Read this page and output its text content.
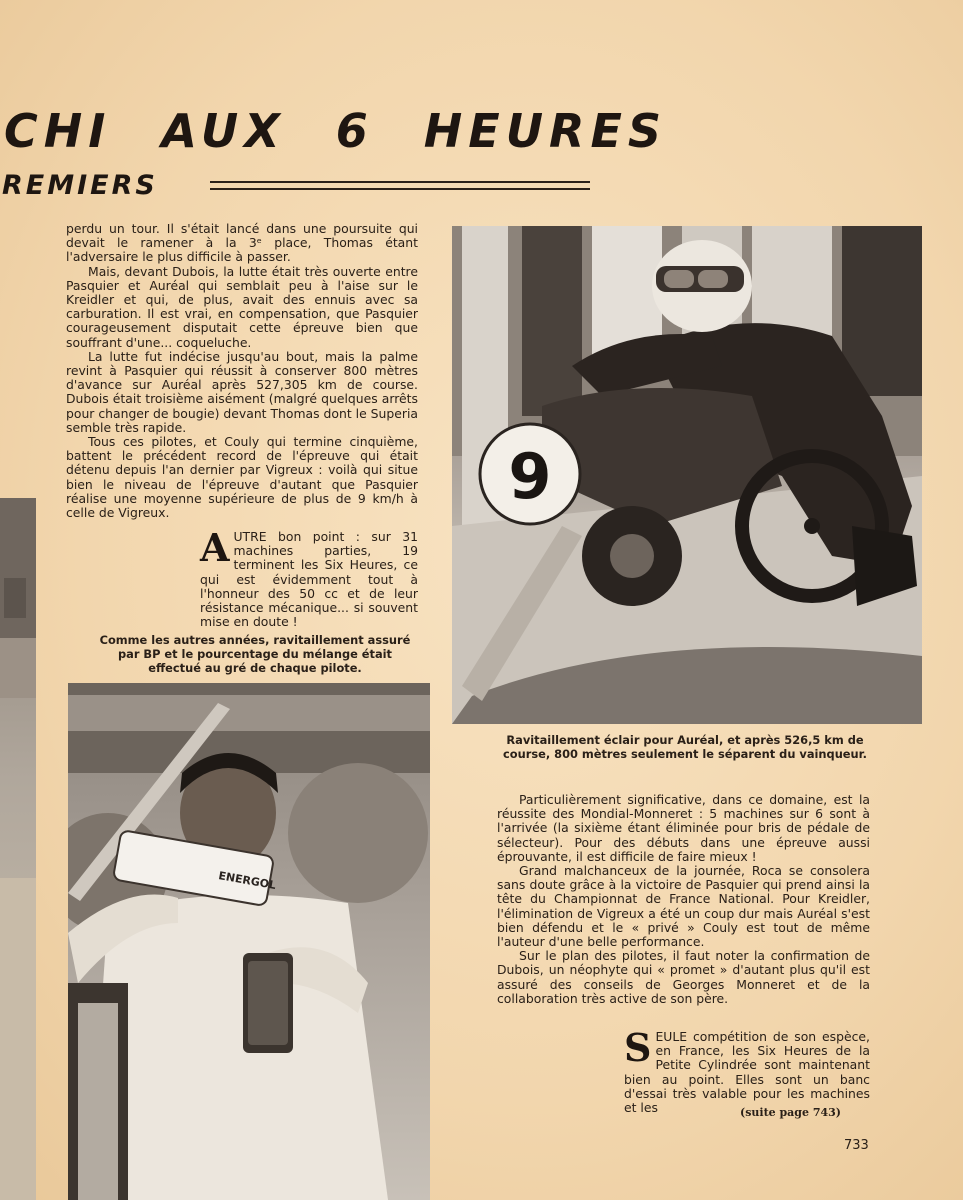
CHI AUX 6 HEURES
REMIERS

perdu un tour. Il s'était lancé dans une poursuite qui devait le ramener à la 3ᵉ place, Thomas étant l'adversaire le plus difficile à passer.

Mais, devant Dubois, la lutte était très ouverte entre Pasquier et Auréal qui semblait peu à l'aise sur le Kreidler et qui, de plus, avait des ennuis avec sa carburation. Il est vrai, en compensation, que Pasquier courageusement disputait cette épreuve bien que souffrant d'une... coqueluche.

La lutte fut indécise jusqu'au bout, mais la palme revint à Pasquier qui réussit à conserver 800 mètres d'avance sur Auréal après 527,305 km de course. Dubois était troisième aisément (malgré quelques arrêts pour changer de bougie) devant Thomas dont le Superia semble très rapide.

Tous ces pilotes, et Couly qui termine cinquième, battent le précédent record de l'épreuve qui était détenu depuis l'an dernier par Vigreux : voilà qui situe bien le niveau de l'épreuve d'autant que Pasquier réalise une moyenne supérieure de plus de 9 km/h à celle de Vigreux.

A UTRE bon point : sur 31 machines parties, 19 terminent les Six Heures, ce qui est évidemment tout à l'honneur des 50 cc et de leur résistance mécanique... si souvent mise en doute !
Comme les autres années, ravitaillement assuré par BP et le pourcentage du mélange était effectué au gré de chaque pilote.
9
Ravitaillement éclair pour Auréal, et après 526,5 km de course, 800 mètres seulement le séparent du vainqueur.
ENERGOL

Particulièrement significative, dans ce domaine, est la réussite des Mondial-Monneret : 5 machines sur 6 sont à l'arrivée (la sixième étant éliminée pour bris de pédale de sélecteur). Pour des débuts dans une épreuve aussi éprouvante, il est difficile de faire mieux !

Grand malchanceux de la journée, Roca se consolera sans doute grâce à la victoire de Pasquier qui prend ainsi la tête du Championnat de France National. Pour Kreidler, l'élimination de Vigreux a été un coup dur mais Auréal s'est bien défendu et le « privé » Couly est tout de même l'auteur d'une belle performance.

Sur le plan des pilotes, il faut noter la confirmation de Dubois, un néophyte qui « promet » d'autant plus qu'il est assuré des conseils de Georges Monneret et de la collaboration très active de son père.

S EULE compétition de son espèce, en France, les Six Heures de la Petite Cylindrée sont maintenant bien au point. Elles sont un banc d'essai très valable pour les machines et les	(suite page 743)
733
